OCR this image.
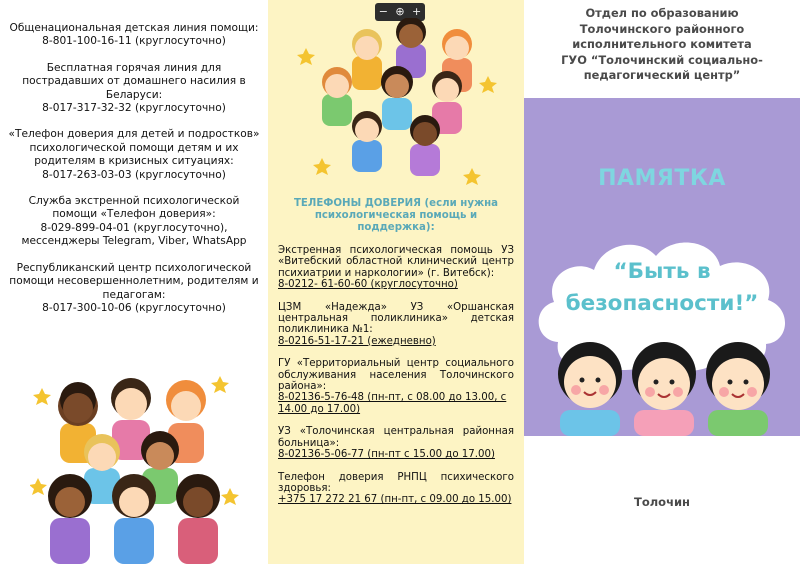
Общенациональная детская линия помощи:
8-801-100-16-11 (круглосуточно)
Бесплатная горячая линия для пострадавших от домашнего насилия в Беларуси:
8-017-317-32-32 (круглосуточно)
«Телефон доверия для детей и подростков» психологической помощи детям и их родителям в кризисных ситуациях:
8-017-263-03-03 (круглосуточно)
Служба экстренной психологической помощи «Телефон доверия»:
8-029-899-04-01 (круглосуточно), мессенджеры Telegram, Viber, WhatsApp
Республиканский центр психологической помощи несовершеннолетним, родителям и педагогам:
8-017-300-10-06 (круглосуточно)
− ⊕ +
ТЕЛЕФОНЫ ДОВЕРИЯ (если нужна психологическая помощь и поддержка):
Экстренная психологическая помощь УЗ «Витебский областной клинический центр психиатрии и наркологии» (г. Витебск):
8-0212- 61-60-60 (круглосуточно)
ЦЗМ «Надежда» УЗ «Оршанская центральная поликлиника» детская поликлиника №1:
8-0216-51-17-21 (ежедневно)
ГУ «Территориальный центр социального обслуживания населения Толочинского района»:
8-02136-5-76-48 (пн-пт, с 08.00 до 13.00, с 14.00 до 17.00)
УЗ «Толочинская центральная районная больница»:
8-02136-5-06-77 (пн-пт с 15.00 до 17.00)
Телефон доверия РНПЦ психического здоровья:
+375 17 272 21 67 (пн-пт, с 09.00 до 15.00)
Отдел по образованию
Толочинского районного
исполнительного комитета
ГУО “Толочинский социально-
педагогический центр”
ПАМЯТКА
“Быть в
безопасности!”
Толочин
